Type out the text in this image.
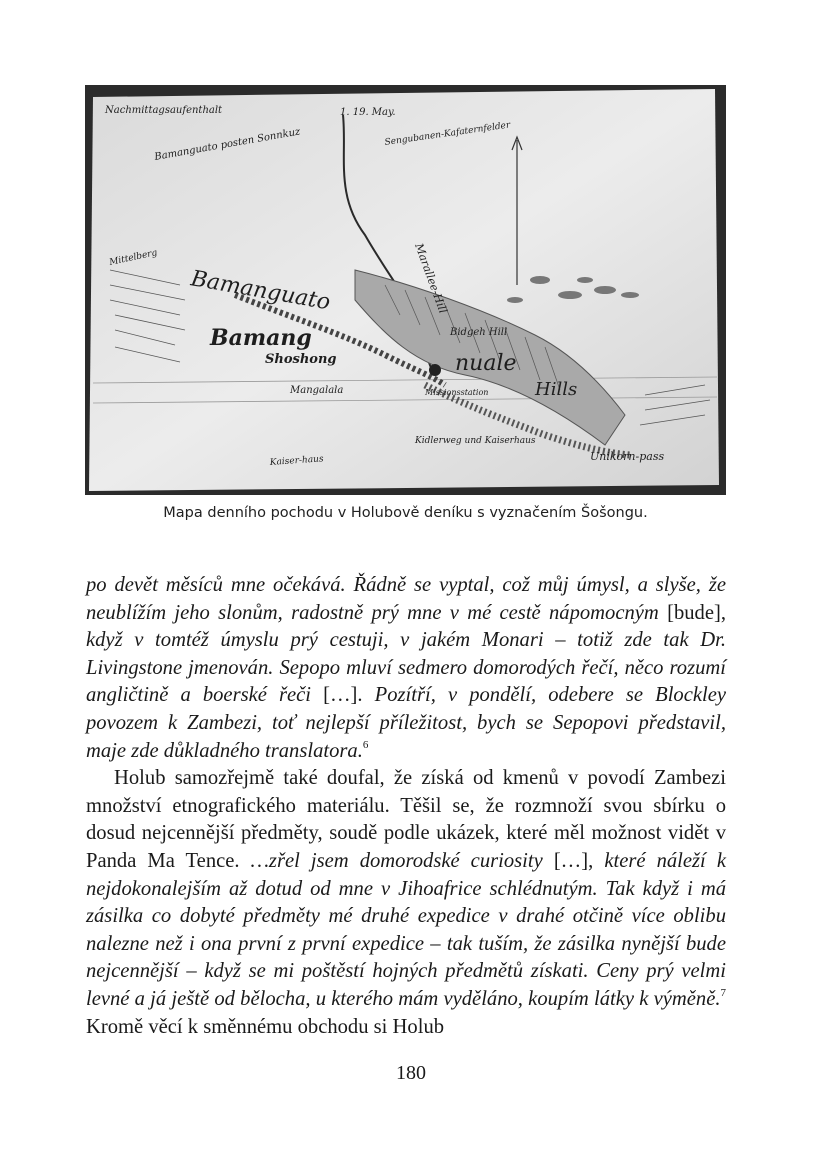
Nachmittagsaufenthalt	1. 19. May.
Bamanguato posten Sonnkuz	Sengubanen-Kafaternfelder
Bamanguato
Bamang
Shoshong
Mangalala	Missionsstation
Marallee-Hill
Bidgeh Hill
nuale
Hills
Kaiser-haus
Kidlerweg und Kaiserhaus
Unikorn-pass
Mittelberg

Mapa denního pochodu v Holubově deníku s vyznačením Šošongu.

po devět měsíců mne očekává. Řádně se vyptal, což můj úmysl, a slyše, že neublížím jeho slonům, radostně prý mne v mé cestě nápomocným [bude], když v tomtéž úmyslu prý cestuji, v jakém Monari – totiž zde tak Dr. Livingstone jmenován. Sepopo mluví sedmero domorodých řečí, něco rozumí angličtině a boerské řeči […]. Pozítří, v pondělí, odebere se Blockley povozem k Zambezi, toť nejlepší příležitost, bych se Sepopovi představil, maje zde důkladného translatora.$^6$

Holub samozřejmě také doufal, že získá od kmenů v povodí Zambezi množství etnografického materiálu. Těšil se, že rozmnoží svou sbírku o dosud nejcennější předměty, soudě podle ukázek, které měl možnost vidět v Panda Ma Tence. …zřel jsem domorodské curiosity […], které náleží k nejdokonalejším až dotud od mne v Jihoafrice schlédnutým. Tak když i má zásilka co dobyté předměty mé druhé expedice v drahé otčině více oblibu nalezne než i ona první z první expedice – tak tuším, že zásilka nynější bude nejcennější – když se mi poštěstí hojných předmětů získati. Ceny prý velmi levné a já ještě od bělocha, u kterého mám vyděláno, koupím látky k výměně.$^7$ Kromě věcí k směnnému obchodu si Holub

180
